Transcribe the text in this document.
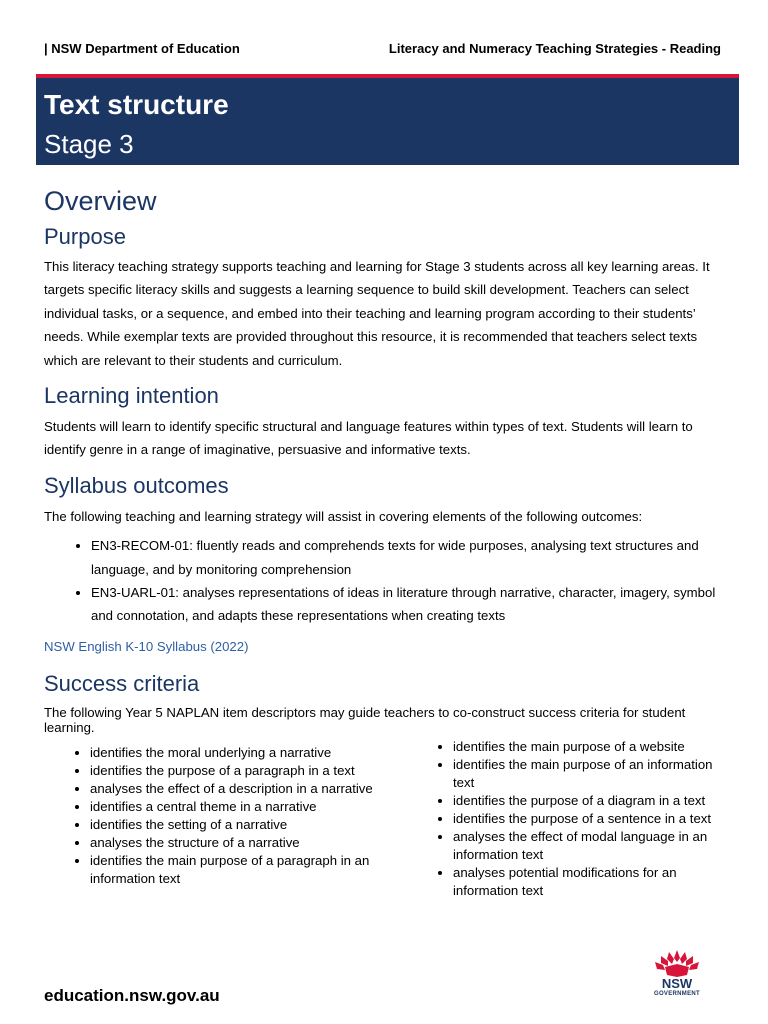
| NSW Department of Education	Literacy and Numeracy Teaching Strategies - Reading
Text structure
Stage 3
Overview
Purpose

This literacy teaching strategy supports teaching and learning for Stage 3 students across all key learning areas. It targets specific literacy skills and suggests a learning sequence to build skill development. Teachers can select individual tasks, or a sequence, and embed into their teaching and learning program according to their students’ needs. While exemplar texts are provided throughout this resource, it is recommended that teachers select texts which are relevant to their students and curriculum.

Learning intention

Students will learn to identify specific structural and language features within types of text. Students will learn to identify genre in a range of imaginative, persuasive and informative texts.

Syllabus outcomes

The following teaching and learning strategy will assist in covering elements of the following outcomes:

• EN3-RECOM-01: fluently reads and comprehends texts for wide purposes, analysing text structures and language, and by monitoring comprehension
• EN3-UARL-01: analyses representations of ideas in literature through narrative, character, imagery, symbol and connotation, and adapts these representations when creating texts
NSW English K-10 Syllabus (2022)
Success criteria
The following Year 5 NAPLAN item descriptors may guide teachers to co-construct success criteria for student learning.
• identifies the moral underlying a narrative
• identifies the purpose of a paragraph in a text
• analyses the effect of a description in a narrative
• identifies a central theme in a narrative
• identifies the setting of a narrative
• analyses the structure of a narrative
• identifies the main purpose of a paragraph in an information text
• identifies the main purpose of a website
• identifies the main purpose of an information text
• identifies the purpose of a diagram in a text
• identifies the purpose of a sentence in a text
• analyses the effect of modal language in an information text
• analyses potential modifications for an information text
education.nsw.gov.au
NSW
GOVERNMENT
